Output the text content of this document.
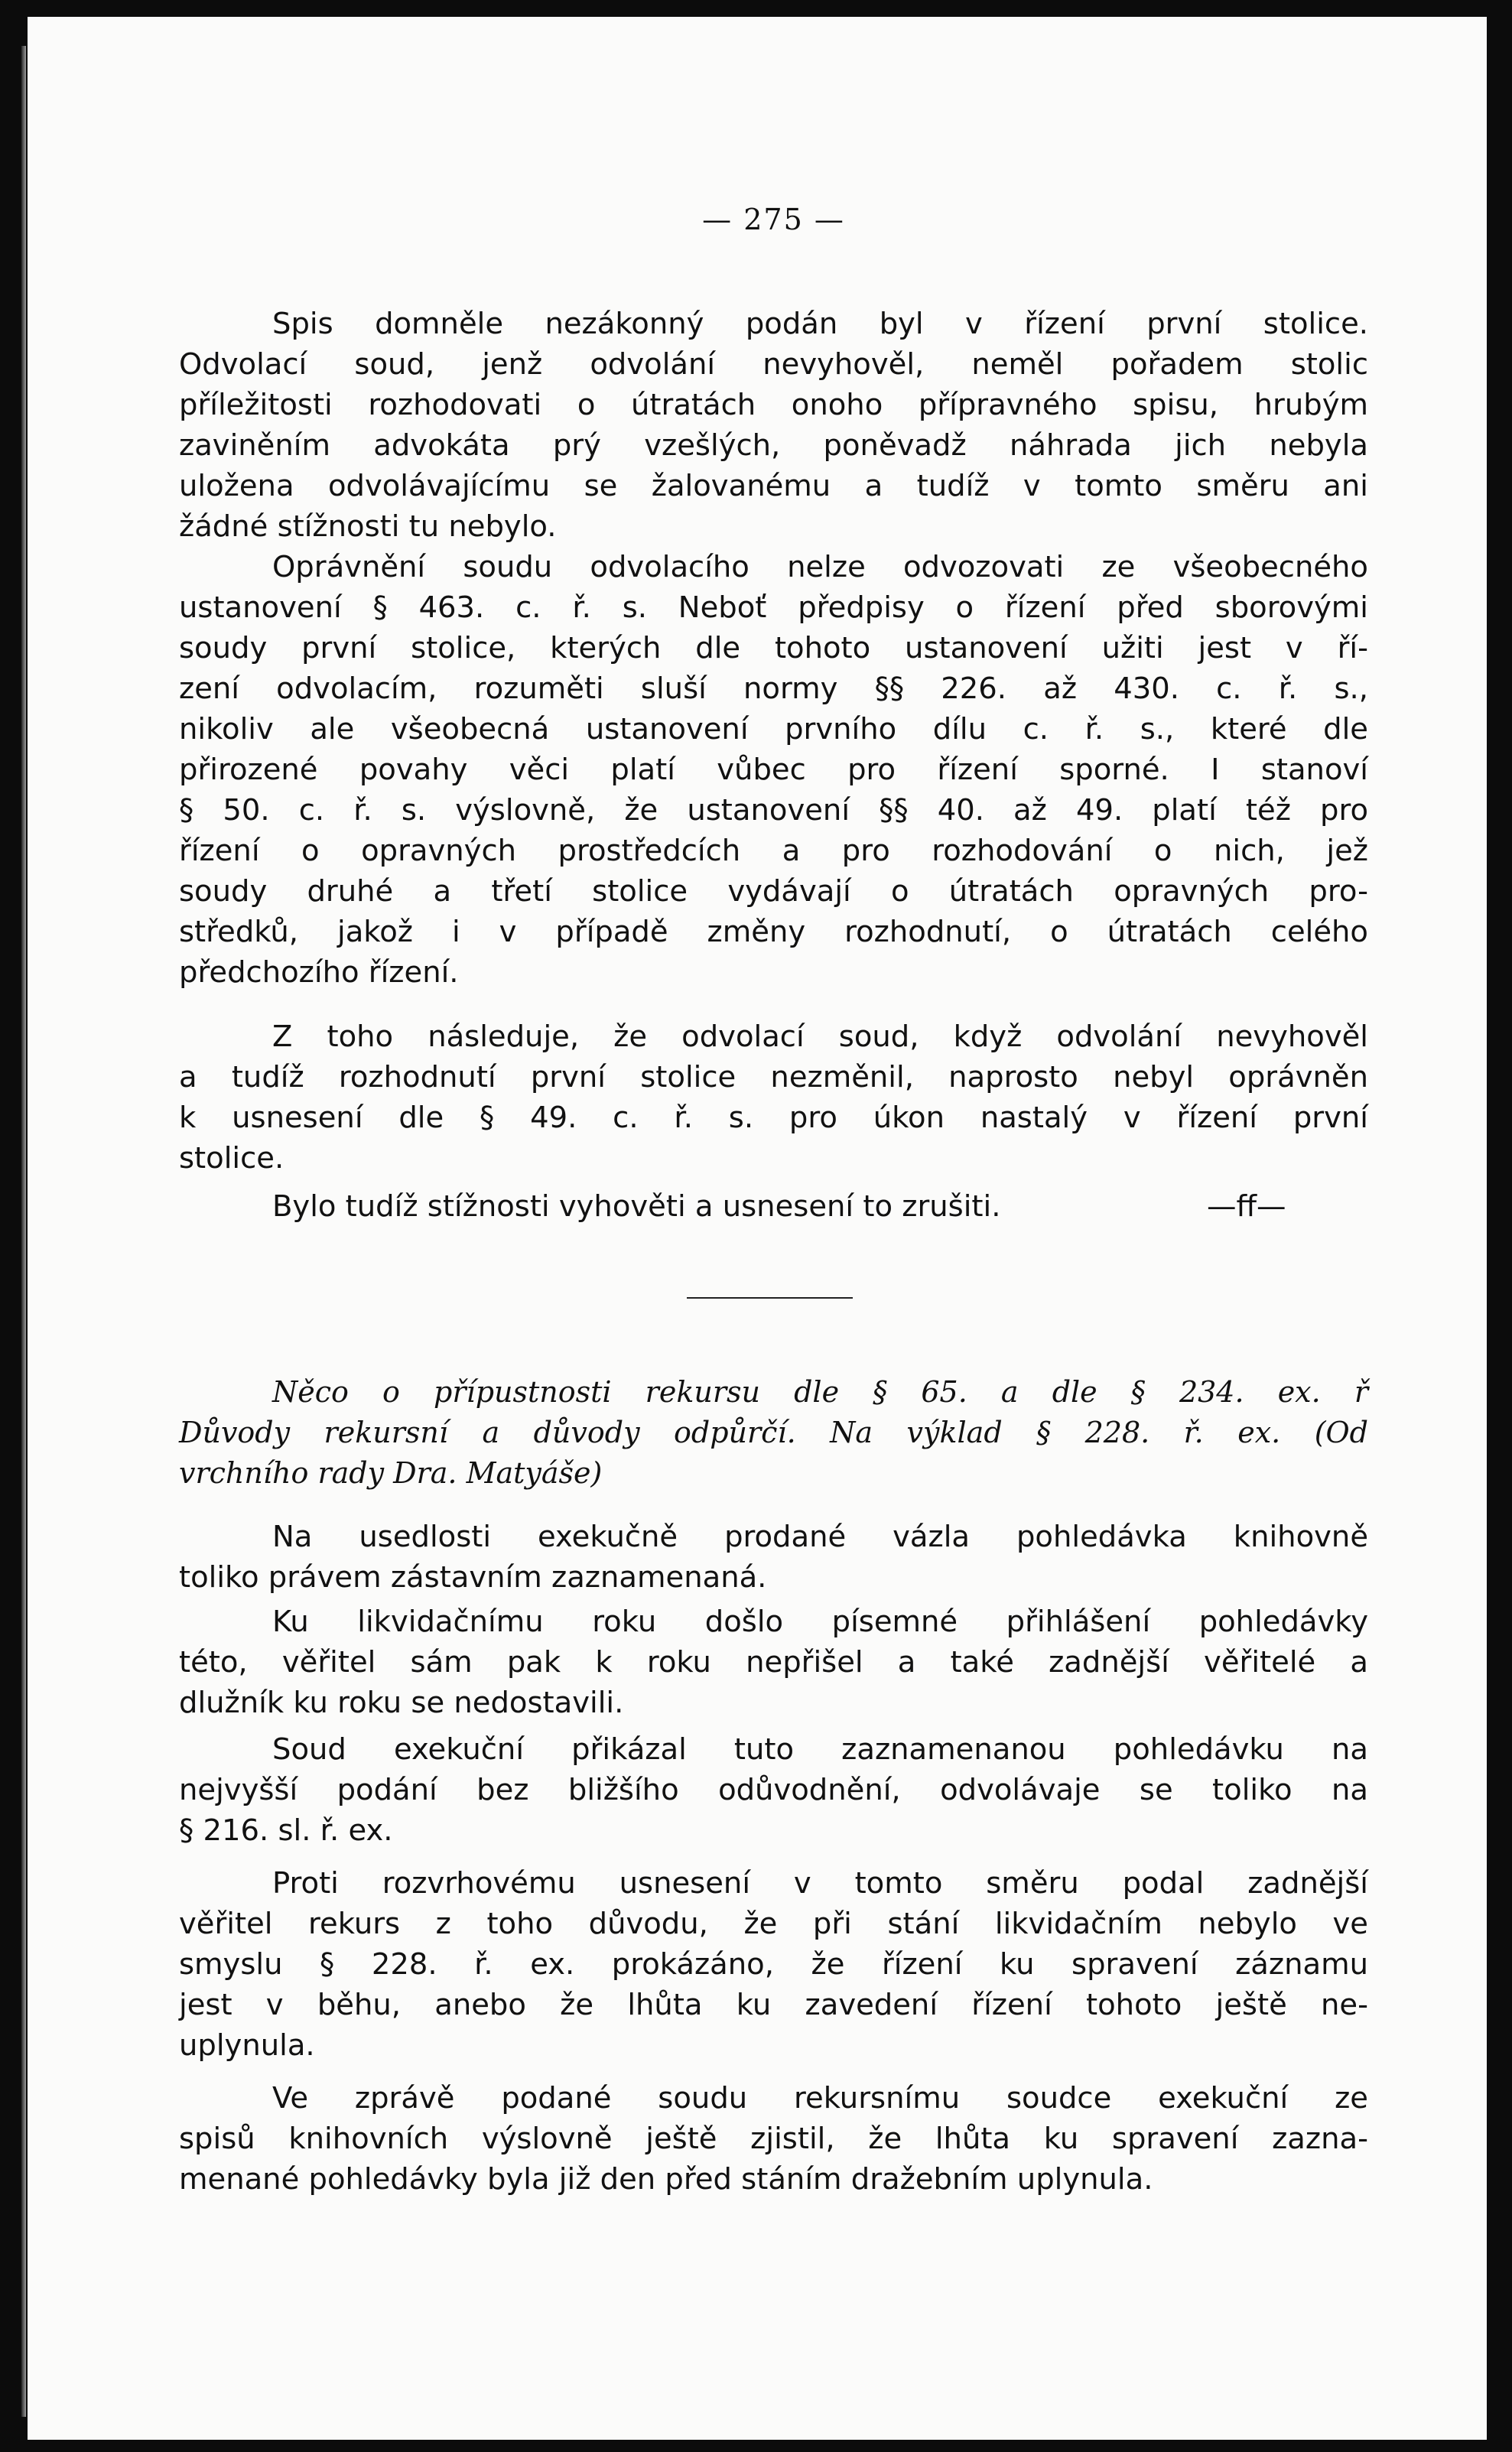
— 275 —
Spis domněle nezákonný podán byl v řízení první stolice.
Odvolací soud, jenž odvolání nevyhověl, neměl pořadem stolic
příležitosti rozhodovati o útratách onoho přípravného spisu, hrubým
zaviněním advokáta prý vzešlých, poněvadž náhrada jich nebyla
uložena odvolávajícímu se žalovanému a tudíž v tomto směru ani
žádné stížnosti tu nebylo.
Oprávnění soudu odvolacího nelze odvozovati ze všeobecného
ustanovení § 463. c. ř. s. Neboť předpisy o řízení před sborovými
soudy první stolice, kterých dle tohoto ustanovení užiti jest v ří-
zení odvolacím, rozuměti sluší normy §§ 226. až 430. c. ř. s.,
nikoliv ale všeobecná ustanovení prvního dílu c. ř. s., které dle
přirozené povahy věci platí vůbec pro řízení sporné. I stanoví
§ 50. c. ř. s. výslovně, že ustanovení §§ 40. až 49. platí též pro
řízení o opravných prostředcích a pro rozhodování o nich, jež
soudy druhé a třetí stolice vydávají o útratách opravných pro-
středků, jakož i v případě změny rozhodnutí, o útratách celého
předchozího řízení.
Z toho následuje, že odvolací soud, když odvolání nevyhověl
a tudíž rozhodnutí první stolice nezměnil, naprosto nebyl oprávněn
k usnesení dle § 49. c. ř. s. pro úkon nastalý v řízení první
stolice.
Bylo tudíž stížnosti vyhověti a usnesení to zrušiti.	—ff—
Něco o přípustnosti rekursu dle § 65. a dle § 234. ex. ř
Důvody rekursní a důvody odpůrčí. Na výklad § 228. ř. ex. (Od
vrchního rady Dra. Matyáše)
Na usedlosti exekučně prodané vázla pohledávka knihovně
toliko právem zástavním zaznamenaná.
Ku likvidačnímu roku došlo písemné přihlášení pohledávky
této, věřitel sám pak k roku nepřišel a také zadnější věřitelé a
dlužník ku roku se nedostavili.
Soud exekuční přikázal tuto zaznamenanou pohledávku na
nejvyšší podání bez bližšího odůvodnění, odvolávaje se toliko na
§ 216. sl. ř. ex.
Proti rozvrhovému usnesení v tomto směru podal zadnější
věřitel rekurs z toho důvodu, že při stání likvidačním nebylo ve
smyslu § 228. ř. ex. prokázáno, že řízení ku spravení záznamu
jest v běhu, anebo že lhůta ku zavedení řízení tohoto ještě ne-
uplynula.
Ve zprávě podané soudu rekursnímu soudce exekuční ze
spisů knihovních výslovně ještě zjistil, že lhůta ku spravení zazna-
menané pohledávky byla již den před stáním dražebním uplynula.
